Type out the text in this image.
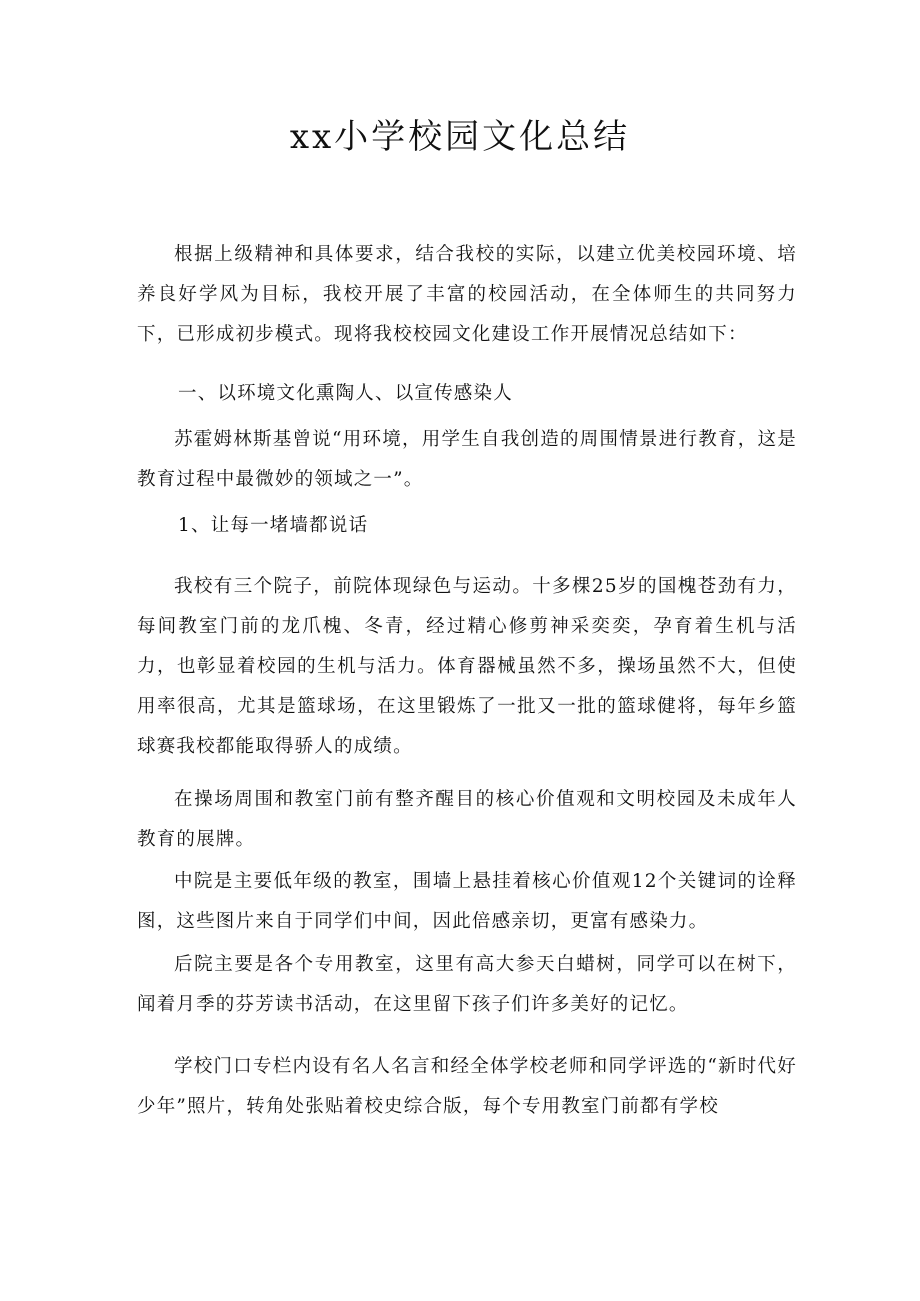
xx小学校园文化总结

根据上级精神和具体要求，结合我校的实际，以建立优美校园环境、培养良好学风为目标，我校开展了丰富的校园活动，在全体师生的共同努力下，已形成初步模式。现将我校校园文化建设工作开展情况总结如下：

一、以环境文化熏陶人、以宣传感染人

苏霍姆林斯基曾说“用环境，用学生自我创造的周围情景进行教育，这是教育过程中最微妙的领域之一”。

1、让每一堵墙都说话

我校有三个院子，前院体现绿色与运动。十多棵25岁的国槐苍劲有力，每间教室门前的龙爪槐、冬青，经过精心修剪神采奕奕，孕育着生机与活力，也彰显着校园的生机与活力。体育器械虽然不多，操场虽然不大，但使用率很高，尤其是篮球场，在这里锻炼了一批又一批的篮球健将，每年乡篮球赛我校都能取得骄人的成绩。

在操场周围和教室门前有整齐醒目的核心价值观和文明校园及未成年人教育的展牌。

中院是主要低年级的教室，围墙上悬挂着核心价值观12个关键词的诠释图，这些图片来自于同学们中间，因此倍感亲切，更富有感染力。

后院主要是各个专用教室，这里有高大参天白蜡树，同学可以在树下，闻着月季的芬芳读书活动，在这里留下孩子们许多美好的记忆。

学校门口专栏内设有名人名言和经全体学校老师和同学评选的“新时代好少年”照片，转角处张贴着校史综合版，每个专用教室门前都有学校
